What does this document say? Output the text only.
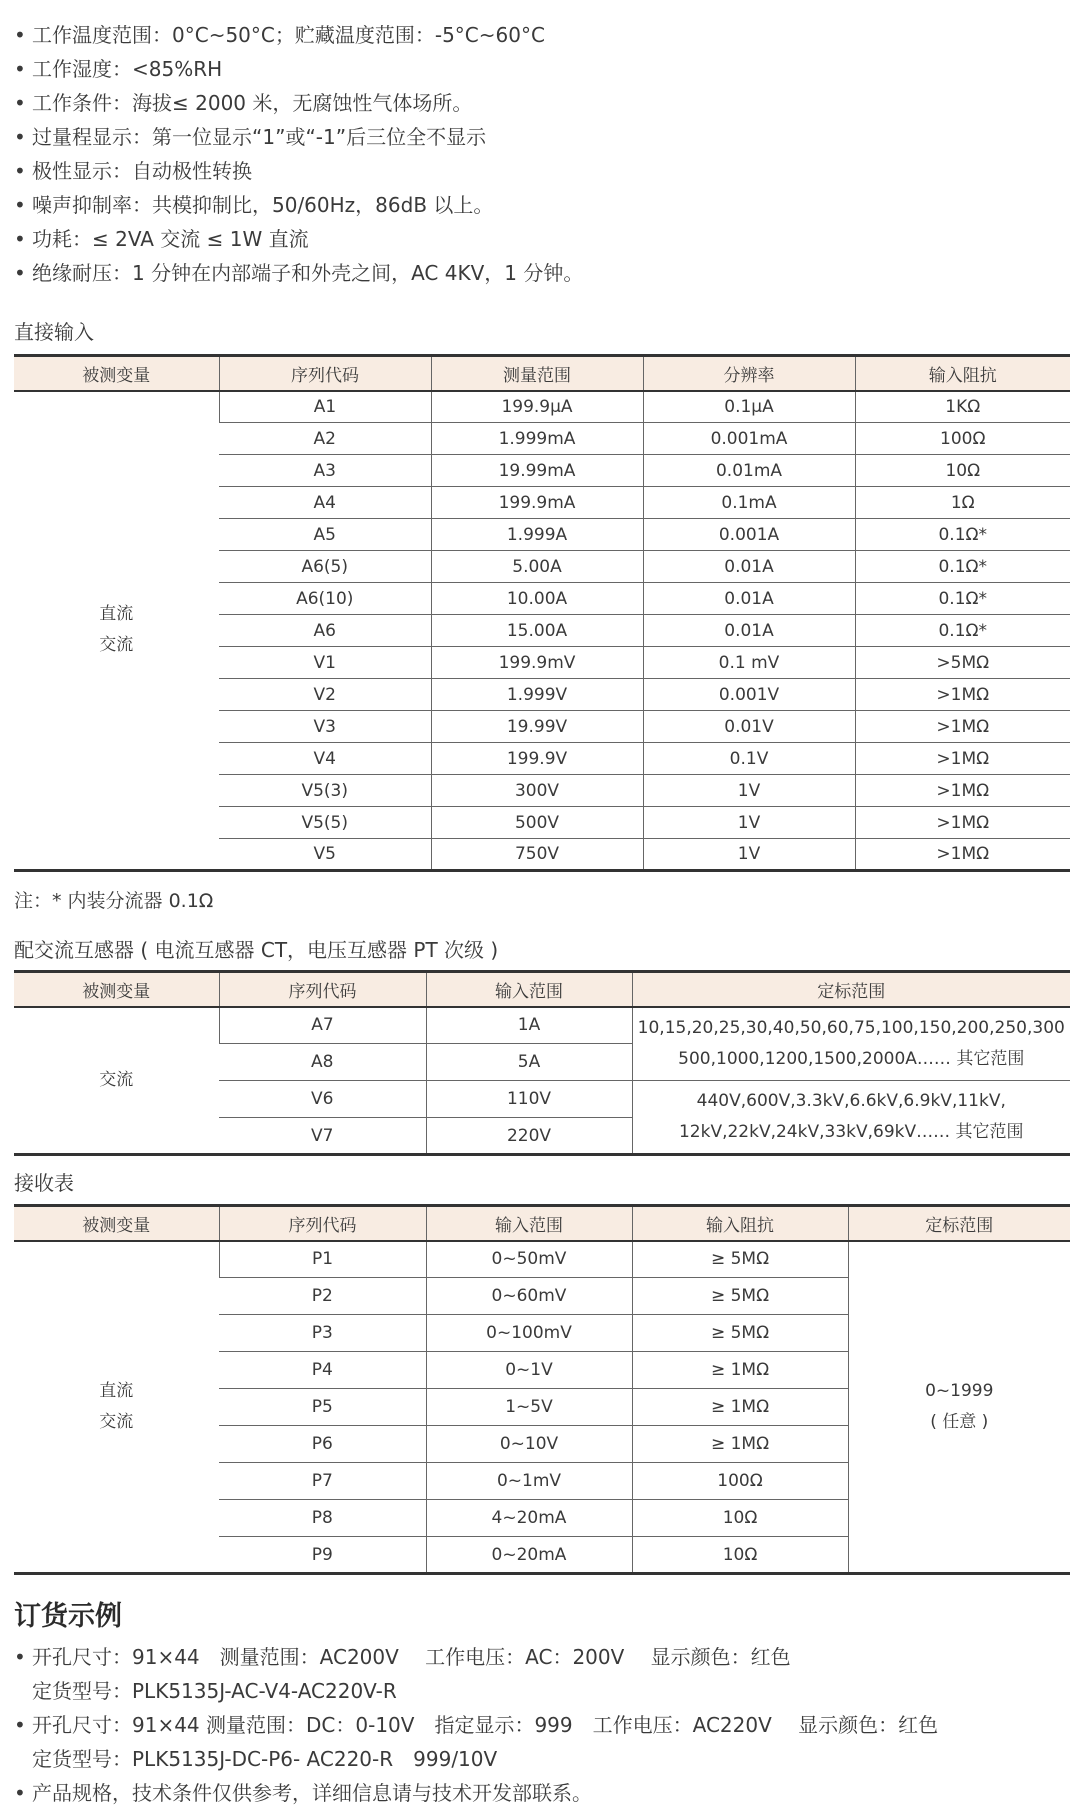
• 工作温度范围：0°C~50°C；贮藏温度范围：-5°C~60°C
• 工作湿度：<85%RH
• 工作条件：海拔≤ 2000 米，无腐蚀性气体场所。
• 过量程显示：第一位显示“1”或“-1”后三位全不显示
• 极性显示：自动极性转换
• 噪声抑制率：共模抑制比，50/60Hz，86dB 以上。
• 功耗：≤ 2VA 交流 ≤ 1W 直流
• 绝缘耐压：1 分钟在内部端子和外壳之间，AC 4KV，1 分钟。
直接输入
被测变量	序列代码	测量范围	分辨率	输入阻抗
直流
交流	A1	199.9μA	0.1μA	1KΩ
	A2	1.999mA	0.001mA	100Ω
	A3	19.99mA	0.01mA	10Ω
	A4	199.9mA	0.1mA	1Ω
	A5	1.999A	0.001A	0.1Ω*
	A6(5)	5.00A	0.01A	0.1Ω*
	A6(10)	10.00A	0.01A	0.1Ω*
	A6	15.00A	0.01A	0.1Ω*
	V1	199.9mV	0.1 mV	>5MΩ
	V2	1.999V	0.001V	>1MΩ
	V3	19.99V	0.01V	>1MΩ
	V4	199.9V	0.1V	>1MΩ
	V5(3)	300V	1V	>1MΩ
	V5(5)	500V	1V	>1MΩ
	V5	750V	1V	>1MΩ
注：* 内装分流器 0.1Ω
配交流互感器 ( 电流互感器 CT，电压互感器 PT 次级 )
被测变量	序列代码	输入范围	定标范围
交流	A7	1A	10,15,20,25,30,40,50,60,75,100,150,200,250,300
500,1000,1200,1500,2000A…… 其它范围
	A8	5A	
	V6	110V	440V,600V,3.3kV,6.6kV,6.9kV,11kV,
12kV,22kV,24kV,33kV,69kV…… 其它范围
	V7	220V	
接收表
被测变量	序列代码	输入范围	输入阻抗	定标范围
直流
交流	P1	0~50mV	≥ 5MΩ	0~1999
( 任意 )
	P2	0~60mV	≥ 5MΩ	
	P3	0~100mV	≥ 5MΩ	
	P4	0~1V	≥ 1MΩ	
	P5	1~5V	≥ 1MΩ	
	P6	0~10V	≥ 1MΩ	
	P7	0~1mV	100Ω	
	P8	4~20mA	10Ω	
	P9	0~20mA	10Ω	
订货示例
• 开孔尺寸：91×44　测量范围：AC200V　 工作电压：AC：200V　 显示颜色：红色
定货型号：PLK5135J-AC-V4-AC220V-R
• 开孔尺寸：91×44 测量范围：DC：0-10V　指定显示：999　工作电压：AC220V　 显示颜色：红色
定货型号：PLK5135J-DC-P6- AC220-R　999/10V
• 产品规格，技术条件仅供参考，详细信息请与技术开发部联系。
